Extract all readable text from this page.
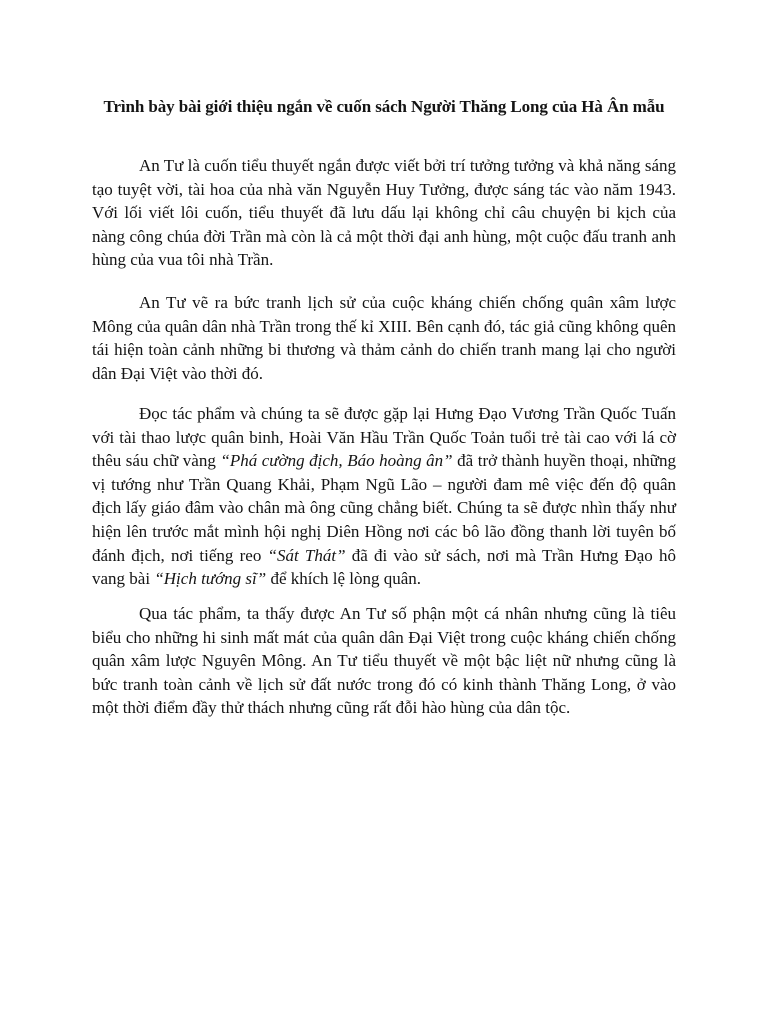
Trình bày bài giới thiệu ngắn về cuốn sách Người Thăng Long của Hà Ân mẫu

An Tư là cuốn tiểu thuyết ngắn được viết bởi trí tưởng tưởng và khả năng sáng tạo tuyệt vời, tài hoa của nhà văn Nguyễn Huy Tưởng, được sáng tác vào năm 1943. Với lối viết lôi cuốn, tiểu thuyết đã lưu dấu lại không chỉ câu chuyện bi kịch của nàng công chúa đời Trần mà còn là cả một thời đại anh hùng, một cuộc đấu tranh anh hùng của vua tôi nhà Trần.

An Tư vẽ ra bức tranh lịch sử của cuộc kháng chiến chống quân xâm lược Mông của quân dân nhà Trần trong thế kỉ XIII. Bên cạnh đó, tác giả cũng không quên tái hiện toàn cảnh những bi thương và thảm cảnh do chiến tranh mang lại cho người dân Đại Việt vào thời đó.

Đọc tác phẩm và chúng ta sẽ được gặp lại Hưng Đạo Vương Trần Quốc Tuấn với tài thao lược quân binh, Hoài Văn Hầu Trần Quốc Toản tuổi trẻ tài cao với lá cờ thêu sáu chữ vàng “Phá cường địch, Báo hoàng ân” đã trở thành huyền thoại, những vị tướng như Trần Quang Khải, Phạm Ngũ Lão – người đam mê việc đến độ quân địch lấy giáo đâm vào chân mà ông cũng chẳng biết. Chúng ta sẽ được nhìn thấy như hiện lên trước mắt mình hội nghị Diên Hồng nơi các bô lão đồng thanh lời tuyên bố đánh địch, nơi tiếng reo “Sát Thát” đã đi vào sử sách, nơi mà Trần Hưng Đạo hô vang bài “Hịch tướng sĩ” để khích lệ lòng quân.

Qua tác phẩm, ta thấy được An Tư số phận một cá nhân nhưng cũng là tiêu biểu cho những hi sinh mất mát của quân dân Đại Việt trong cuộc kháng chiến chống quân xâm lược Nguyên Mông. An Tư tiểu thuyết về một bậc liệt nữ nhưng cũng là bức tranh toàn cảnh về lịch sử đất nước trong đó có kinh thành Thăng Long, ở vào một thời điểm đầy thử thách nhưng cũng rất đỗi hào hùng của dân tộc.
